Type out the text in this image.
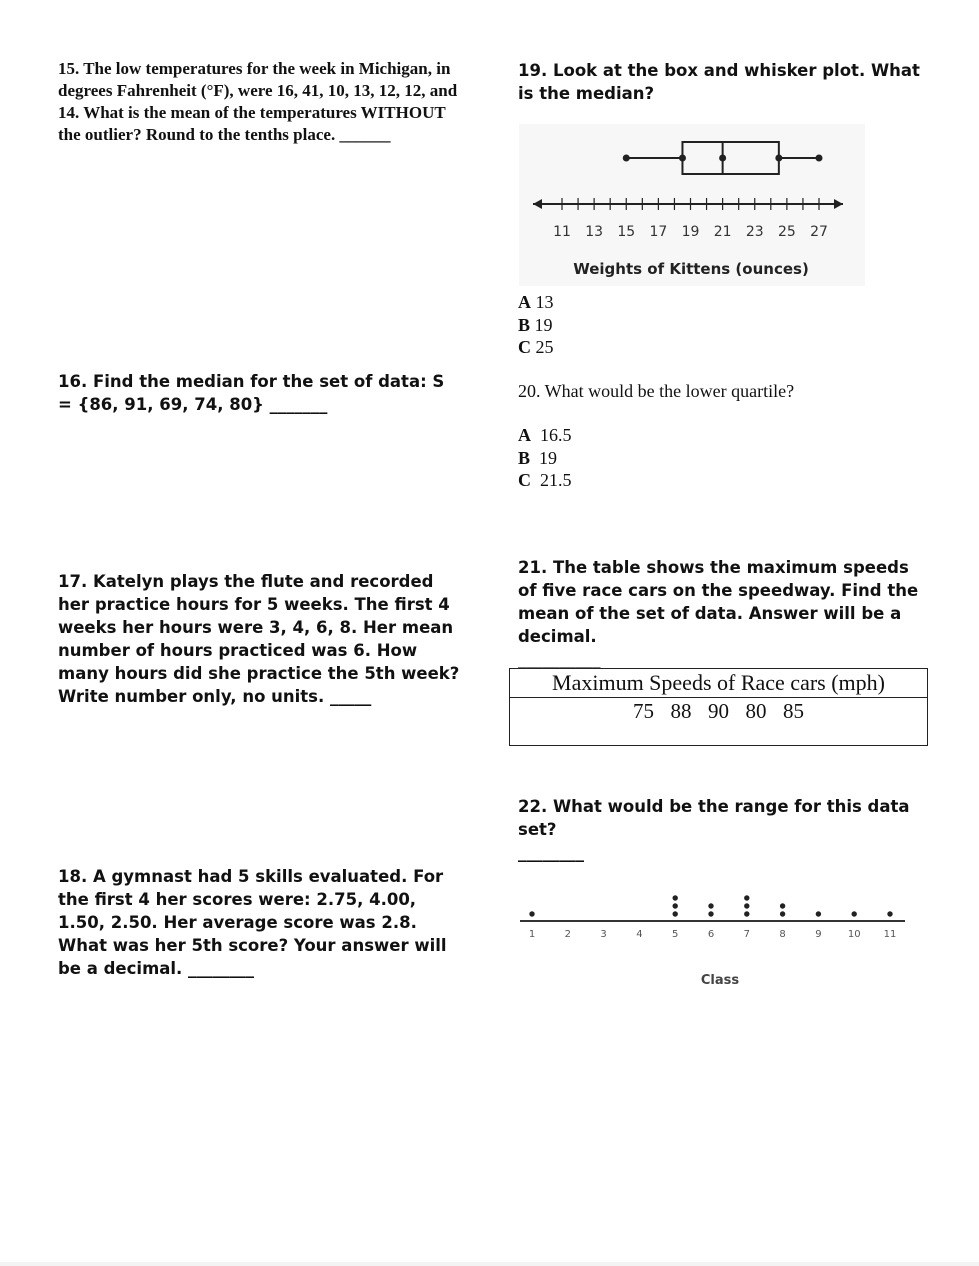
15. The low temperatures for the week in Michigan, in degrees Fahrenheit (°F), were 16, 41, 10, 13, 12, 12, and 14. What is the mean of the temperatures WITHOUT the outlier? Round to the tenths place. ______
16. Find the median for the set of data: S = {86, 91, 69, 74, 80} _______
17. Katelyn plays the flute and recorded her practice hours for 5 weeks. The first 4 weeks her hours were 3, 4, 6, 8. Her mean number of hours practiced was 6. How many hours did she practice the 5th week? Write number only, no units. _____
18. A gymnast had 5 skills evaluated. For the first 4 her scores were: 2.75, 4.00, 1.50, 2.50. Her average score was 2.8. What was her 5th score? Your answer will be a decimal. ________
19. Look at the box and whisker plot. What is the median?
11 13 15 17 19 21 23 25 27
Weights of Kittens (ounces)
A 13
B 19
C 25
20. What would be the lower quartile?
A 16.5
B 19
C 21.5
21. The table shows the maximum speeds of five race cars on the speedway. Find the mean of the set of data. Answer will be a decimal.
__________
Maximum Speeds of Race cars (mph)
75  88  90  80  85
22. What would be the range for this data set?
________
1	2	3	4	5	6	7	8	9	10 11
Class
